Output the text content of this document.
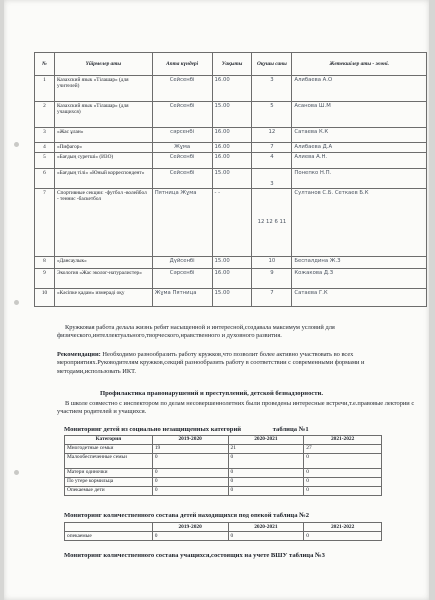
№	Үйірмелер аты	Апта күндері	Уақыты	Оқушы саны	Жетекшілер аты - жөні.
1	Казахский язык «Тілашар» (для учителей)	Сейсенбі	16.00	3	Алибаева А.О
2	Казахский язык «Тілашар» (для учащихся)	Сейсенбі	15.00	5	Асанова Ш.М
3	«Жас ұлан»	сәрсенбі	16.00	12	Сатаева К.К
4	«Пифагор»	Жұма	16.00	7	Алибаева Д.А
5	«Бағдың суретші» (ИЗО)	Сейсенбі	16.00	4	Алиева А.Н.
6	«Бағдың тілі» «Юный корреспондент»	Сейсенбі	15.00	3	Понепко Н.П.
7	Спортивные секции: -футбол -волейбол - теннис -баскетбол	Пятница Жұма	- -	12 12 6 11	Султанов С.Б. Сеткаев Б.К
8	«Дансаулык»	Дүйсенбі	15.00	10	Беспалдина Ж.З
9	Экология «Жас эколог-натуралистер»	Сәрсенбі	16.00	9	Кожакова Д.З
10	«Кәсіпке қадам» измераді оқу	Жұма Пятница	15.00	7	Сатаева Г.К
Кружковая работа делала жизнь ребят насыщенной и интересной,создавала максимум условий для физического,интеллектуального,творческого,нравственного и духовного развития.
Рекомендации: Необходимо разнообразить работу кружков,что позволит более активно участвовать во всех мероприятиях.Руководителям кружков,секций разнообразить работу в соответствии с современными формами и методами,использовать ИКТ.
Профилактика правонарушений и преступлений, детской безнадзорности.
В школе совместно с инспектором по делам несовершеннолетних были проведены интересные встречи,т.е.правовые лектории с участием родителей и учащихся.
Мониторинг детей из социально незащищенных категорий	таблица №1
Категория	2019-2020	2020-2021	2021-2022
Многодетные семьи	19	21	27
Малообеспеченные семьи	0	0	0
Матери одиночки	0	0	0
По утере кормильца	0	0	0
Опекаемые дети	0	0	0
Мониторинг количественного состава детей находящихся под опекой таблица №2
	2019-2020	2020-2021	2021-2022
опекаемые	0	0	0
Мониторинг количественного состава учащихся,состоящих на учете ВШУ таблица №3
